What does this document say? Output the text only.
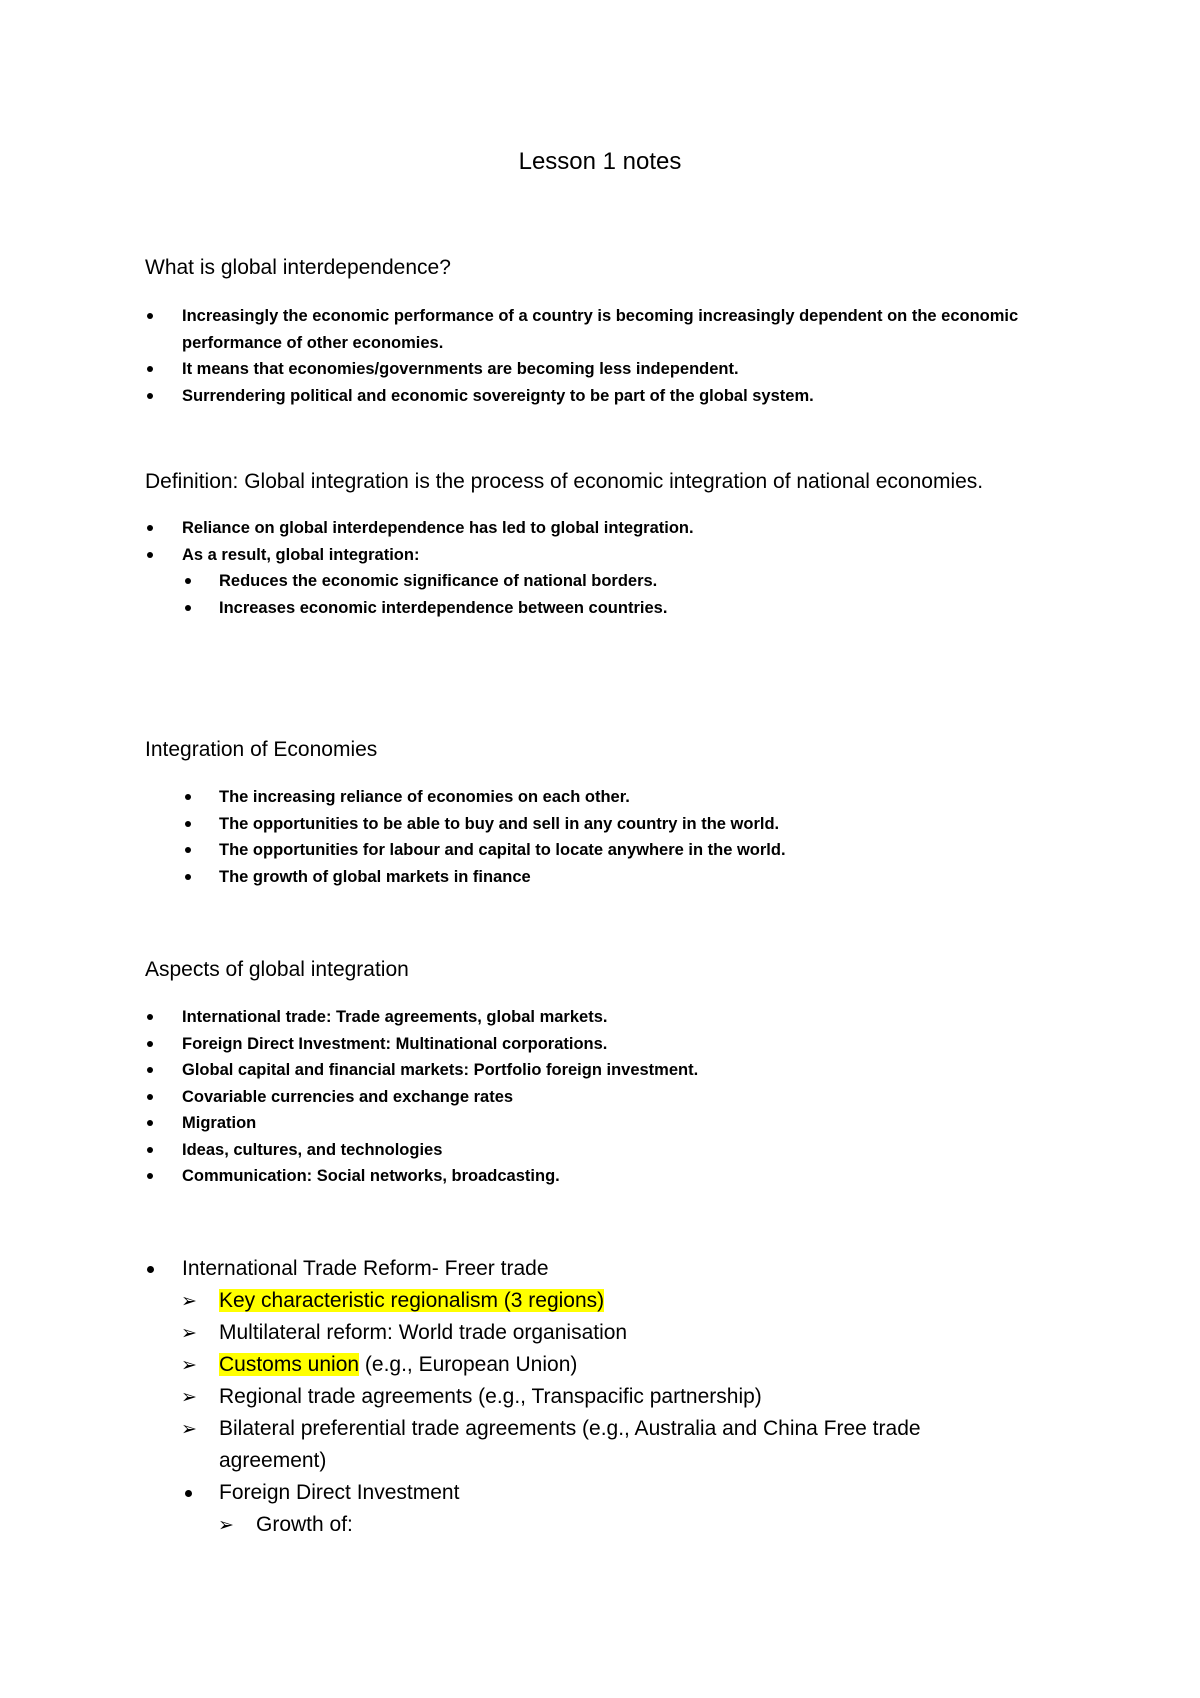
Lesson 1 notes
What is global interdependence?
Increasingly the economic performance of a country is becoming increasingly dependent on the economic performance of other economies.
It means that economies/governments are becoming less independent.
Surrendering political and economic sovereignty to be part of the global system.
Definition: Global integration is the process of economic integration of national economies.
Reliance on global interdependence has led to global integration.
As a result, global integration:
Reduces the economic significance of national borders.
Increases economic interdependence between countries.
Integration of Economies
The increasing reliance of economies on each other.
The opportunities to be able to buy and sell in any country in the world.
The opportunities for labour and capital to locate anywhere in the world.
The growth of global markets in finance
Aspects of global integration
International trade: Trade agreements, global markets.
Foreign Direct Investment: Multinational corporations.
Global capital and financial markets: Portfolio foreign investment.
Covariable currencies and exchange rates
Migration
Ideas, cultures, and technologies
Communication: Social networks, broadcasting.
International Trade Reform- Freer trade
➢ Key characteristic regionalism (3 regions)
➢ Multilateral reform: World trade organisation
➢ Customs union (e.g., European Union)
➢ Regional trade agreements (e.g., Transpacific partnership)
➢ Bilateral preferential trade agreements (e.g., Australia and China Free trade agreement)
Foreign Direct Investment
➢ Growth of:
